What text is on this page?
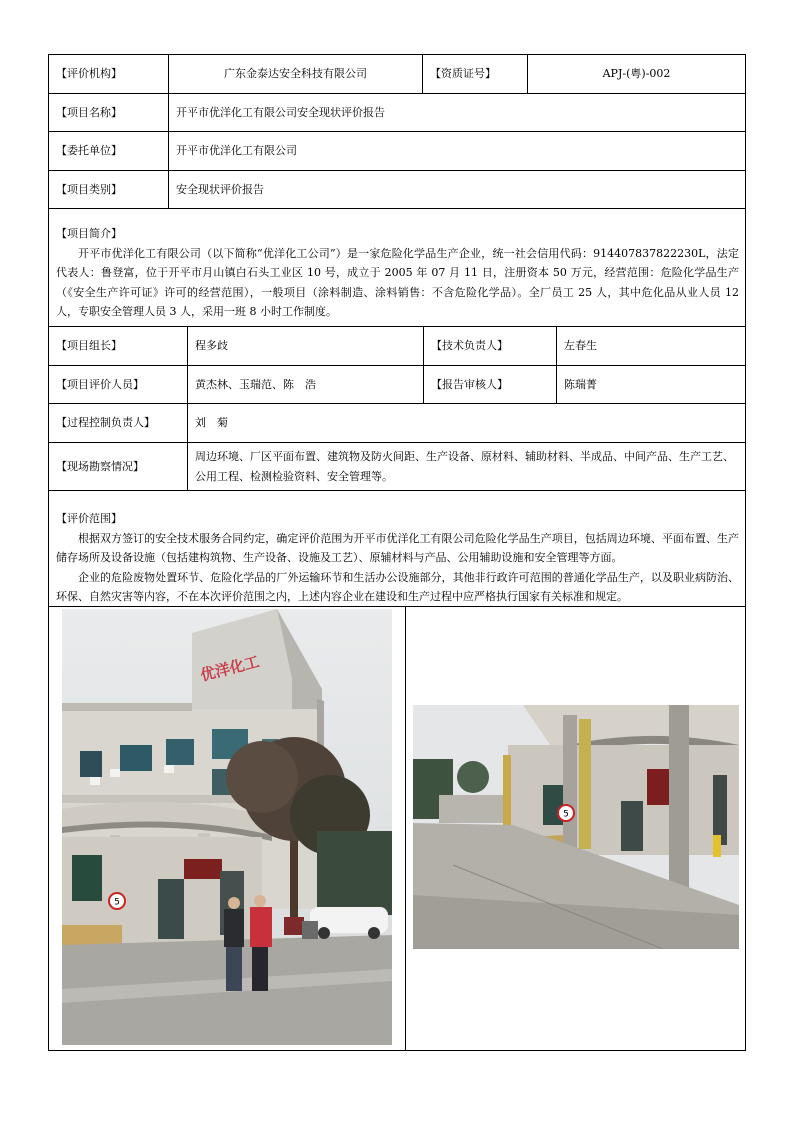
【评价机构】	广东金泰达安全科技有限公司	【资质证号】	APJ-(粤)-002
【项目名称】	开平市优洋化工有限公司安全现状评价报告
【委托单位】	开平市优洋化工有限公司
【项目类别】	安全现状评价报告

【项目简介】

开平市优洋化工有限公司（以下简称“优洋化工公司”）是一家危险化学品生产企业，统一社会信用代码：914407837822230L，法定代表人：鲁登富，位于开平市月山镇白石头工业区 10 号，成立于 2005 年 07 月 11 日，注册资本 50 万元，经营范围：危险化学品生产（《安全生产许可证》许可的经营范围），一般项目（涂料制造、涂料销售：不含危险化学品）。全厂员工 25 人，其中危化品从业人员 12 人，专职安全管理人员 3 人，采用一班 8 小时工作制度。

【项目组长】	程多歧	【技术负责人】	左春生
【项目评价人员】	黄杰林、玉瑞范、陈　浩	【报告审核人】	陈瑞菁
【过程控制负责人】	刘　菊
【现场勘察情况】
周边环境、厂区平面布置、建筑物及防火间距、生产设备、原材料、辅助材料、半成品、中间产品、生产工艺、公用工程、检测检验资料、安全管理等。

【评价范围】

根据双方签订的安全技术服务合同约定，确定评价范围为开平市优洋化工有限公司危险化学品生产项目，包括周边环境、平面布置、生产储存场所及设备设施（包括建构筑物、生产设备、设施及工艺）、原辅材料与产品、公用辅助设施和安全管理等方面。

企业的危险废物处置环节、危险化学品的厂外运输环节和生活办公设施部分，其他非行政许可范围的普通化学品生产，以及职业病防治、环保、自然灾害等内容，不在本次评价范围之内，上述内容企业在建设和生产过程中应严格执行国家有关标准和规定。

5
优洋化工
5
